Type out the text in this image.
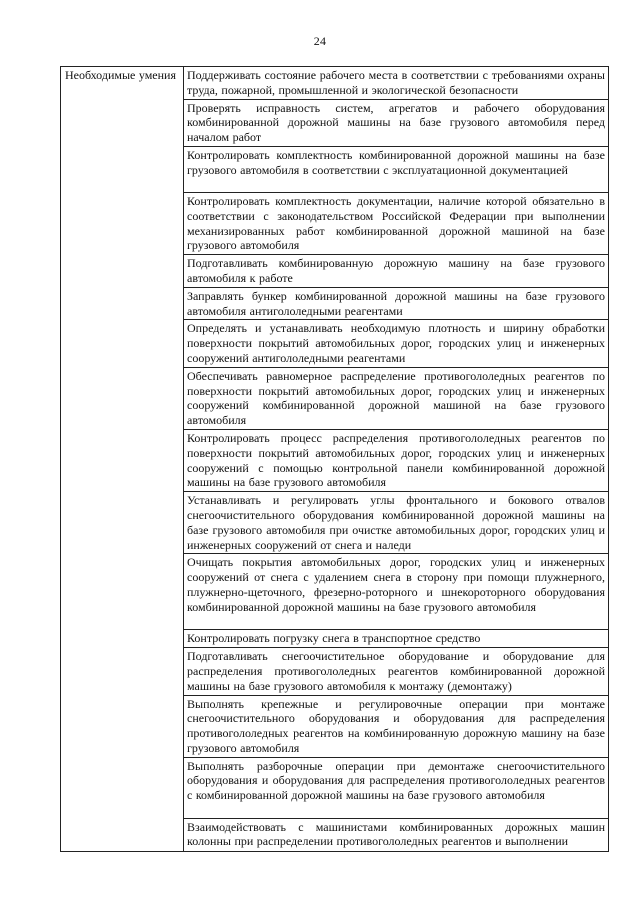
24
Необходимые умения	Поддерживать состояние рабочего места в соответствии с требованиями охраны труда, пожарной, промышленной и экологической безопасности
Проверять исправность систем, агрегатов и рабочего оборудования комбинированной дорожной машины на базе грузового автомобиля перед началом работ
Контролировать комплектность комбинированной дорожной машины на базе грузового автомобиля в соответствии с эксплуатационной документацией
Контролировать комплектность документации, наличие которой обязательно в соответствии с законодательством Российской Федерации при выполнении механизированных работ комбинированной дорожной машиной на базе грузового автомобиля
Подготавливать комбинированную дорожную машину на базе грузового автомобиля к работе
Заправлять бункер комбинированной дорожной машины на базе грузового автомобиля антигололедными реагентами
Определять и устанавливать необходимую плотность и ширину обработки поверхности покрытий автомобильных дорог, городских улиц и инженерных сооружений антигололедными реагентами
Обеспечивать равномерное распределение противогололедных реагентов по поверхности покрытий автомобильных дорог, городских улиц и инженерных сооружений комбинированной дорожной машиной на базе грузового автомобиля
Контролировать процесс распределения противогололедных реагентов по поверхности покрытий автомобильных дорог, городских улиц и инженерных сооружений с помощью контрольной панели комбинированной дорожной машины на базе грузового автомобиля
Устанавливать и регулировать углы фронтального и бокового отвалов снегоочистительного оборудования комбинированной дорожной машины на базе грузового автомобиля при очистке автомобильных дорог, городских улиц и инженерных сооружений от снега и наледи
Очищать покрытия автомобильных дорог, городских улиц и инженерных сооружений от снега с удалением снега в сторону при помощи плужнерного, плужнерно-щеточного, фрезерно-роторного и шнекороторного оборудования комбинированной дорожной машины на базе грузового автомобиля
Контролировать погрузку снега в транспортное средство
Подготавливать снегоочистительное оборудование и оборудование для распределения противогололедных реагентов комбинированной дорожной машины на базе грузового автомобиля к монтажу (демонтажу)
Выполнять крепежные и регулировочные операции при монтаже снегоочистительного оборудования и оборудования для распределения противогололедных реагентов на комбинированную дорожную машину на базе грузового автомобиля
Выполнять разборочные операции при демонтаже снегоочистительного оборудования и оборудования для распределения противогололедных реагентов с комбинированной дорожной машины на базе грузового автомобиля
Взаимодействовать с машинистами комбинированных дорожных машин колонны при распределении противогололедных реагентов и выполнении
